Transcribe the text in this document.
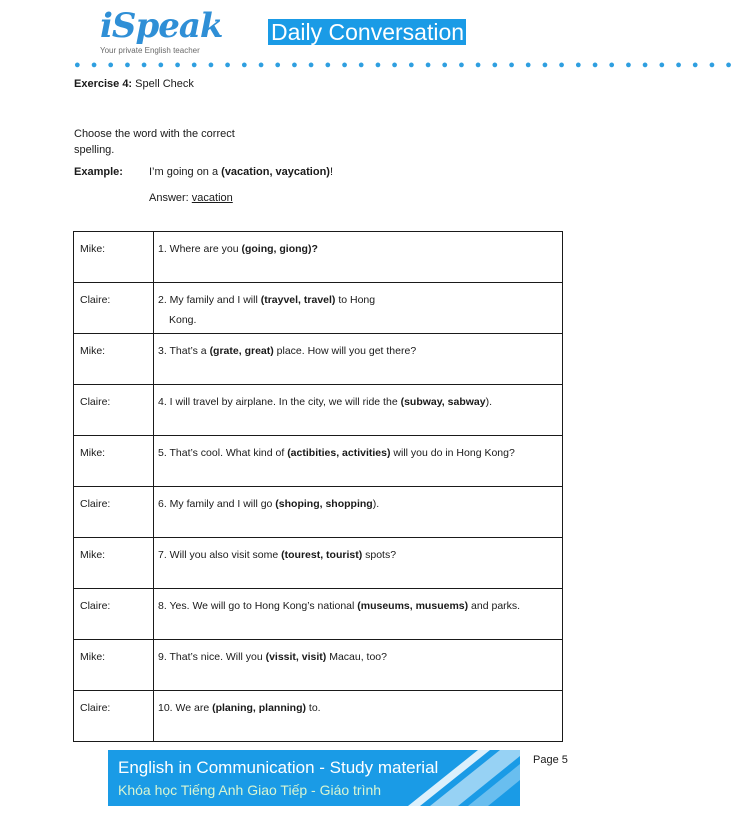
iSpeak
Your private English teacher
Daily Conversation
● ● ● ● ● ● ● ● ● ● ● ● ● ● ● ● ● ● ● ● ● ● ● ● ● ● ● ● ● ● ● ● ● ● ● ● ● ● ● ●
Exercise 4: Spell Check
Choose the word with the correct spelling.
Example: I’m going on a (vacation, vaycation)!
Answer: vacation
Mike:	1. Where are you (going, giong)?
Claire:	2. My family and I will (trayvel, travel) to Hong
Kong.

Mike:	3. That’s a (grate, great) place. How will you get there?
Claire:	4. I will travel by airplane. In the city, we will ride the (subway, sabway).
Mike:	5. That’s cool. What kind of (actibities, activities) will you do in Hong Kong?
Claire:	6. My family and I will go (shoping, shopping).
Mike:	7. Will you also visit some (tourest, tourist) spots?
Claire:	8. Yes. We will go to Hong Kong’s national (museums, musuems) and parks.
Mike:	9. That’s nice. Will you (vissit, visit) Macau, too?
Claire:	10. We are (planing, planning) to.
Page 5
English in Communication - Study material
Khóa học Tiếng Anh Giao Tiếp - Giáo trình
